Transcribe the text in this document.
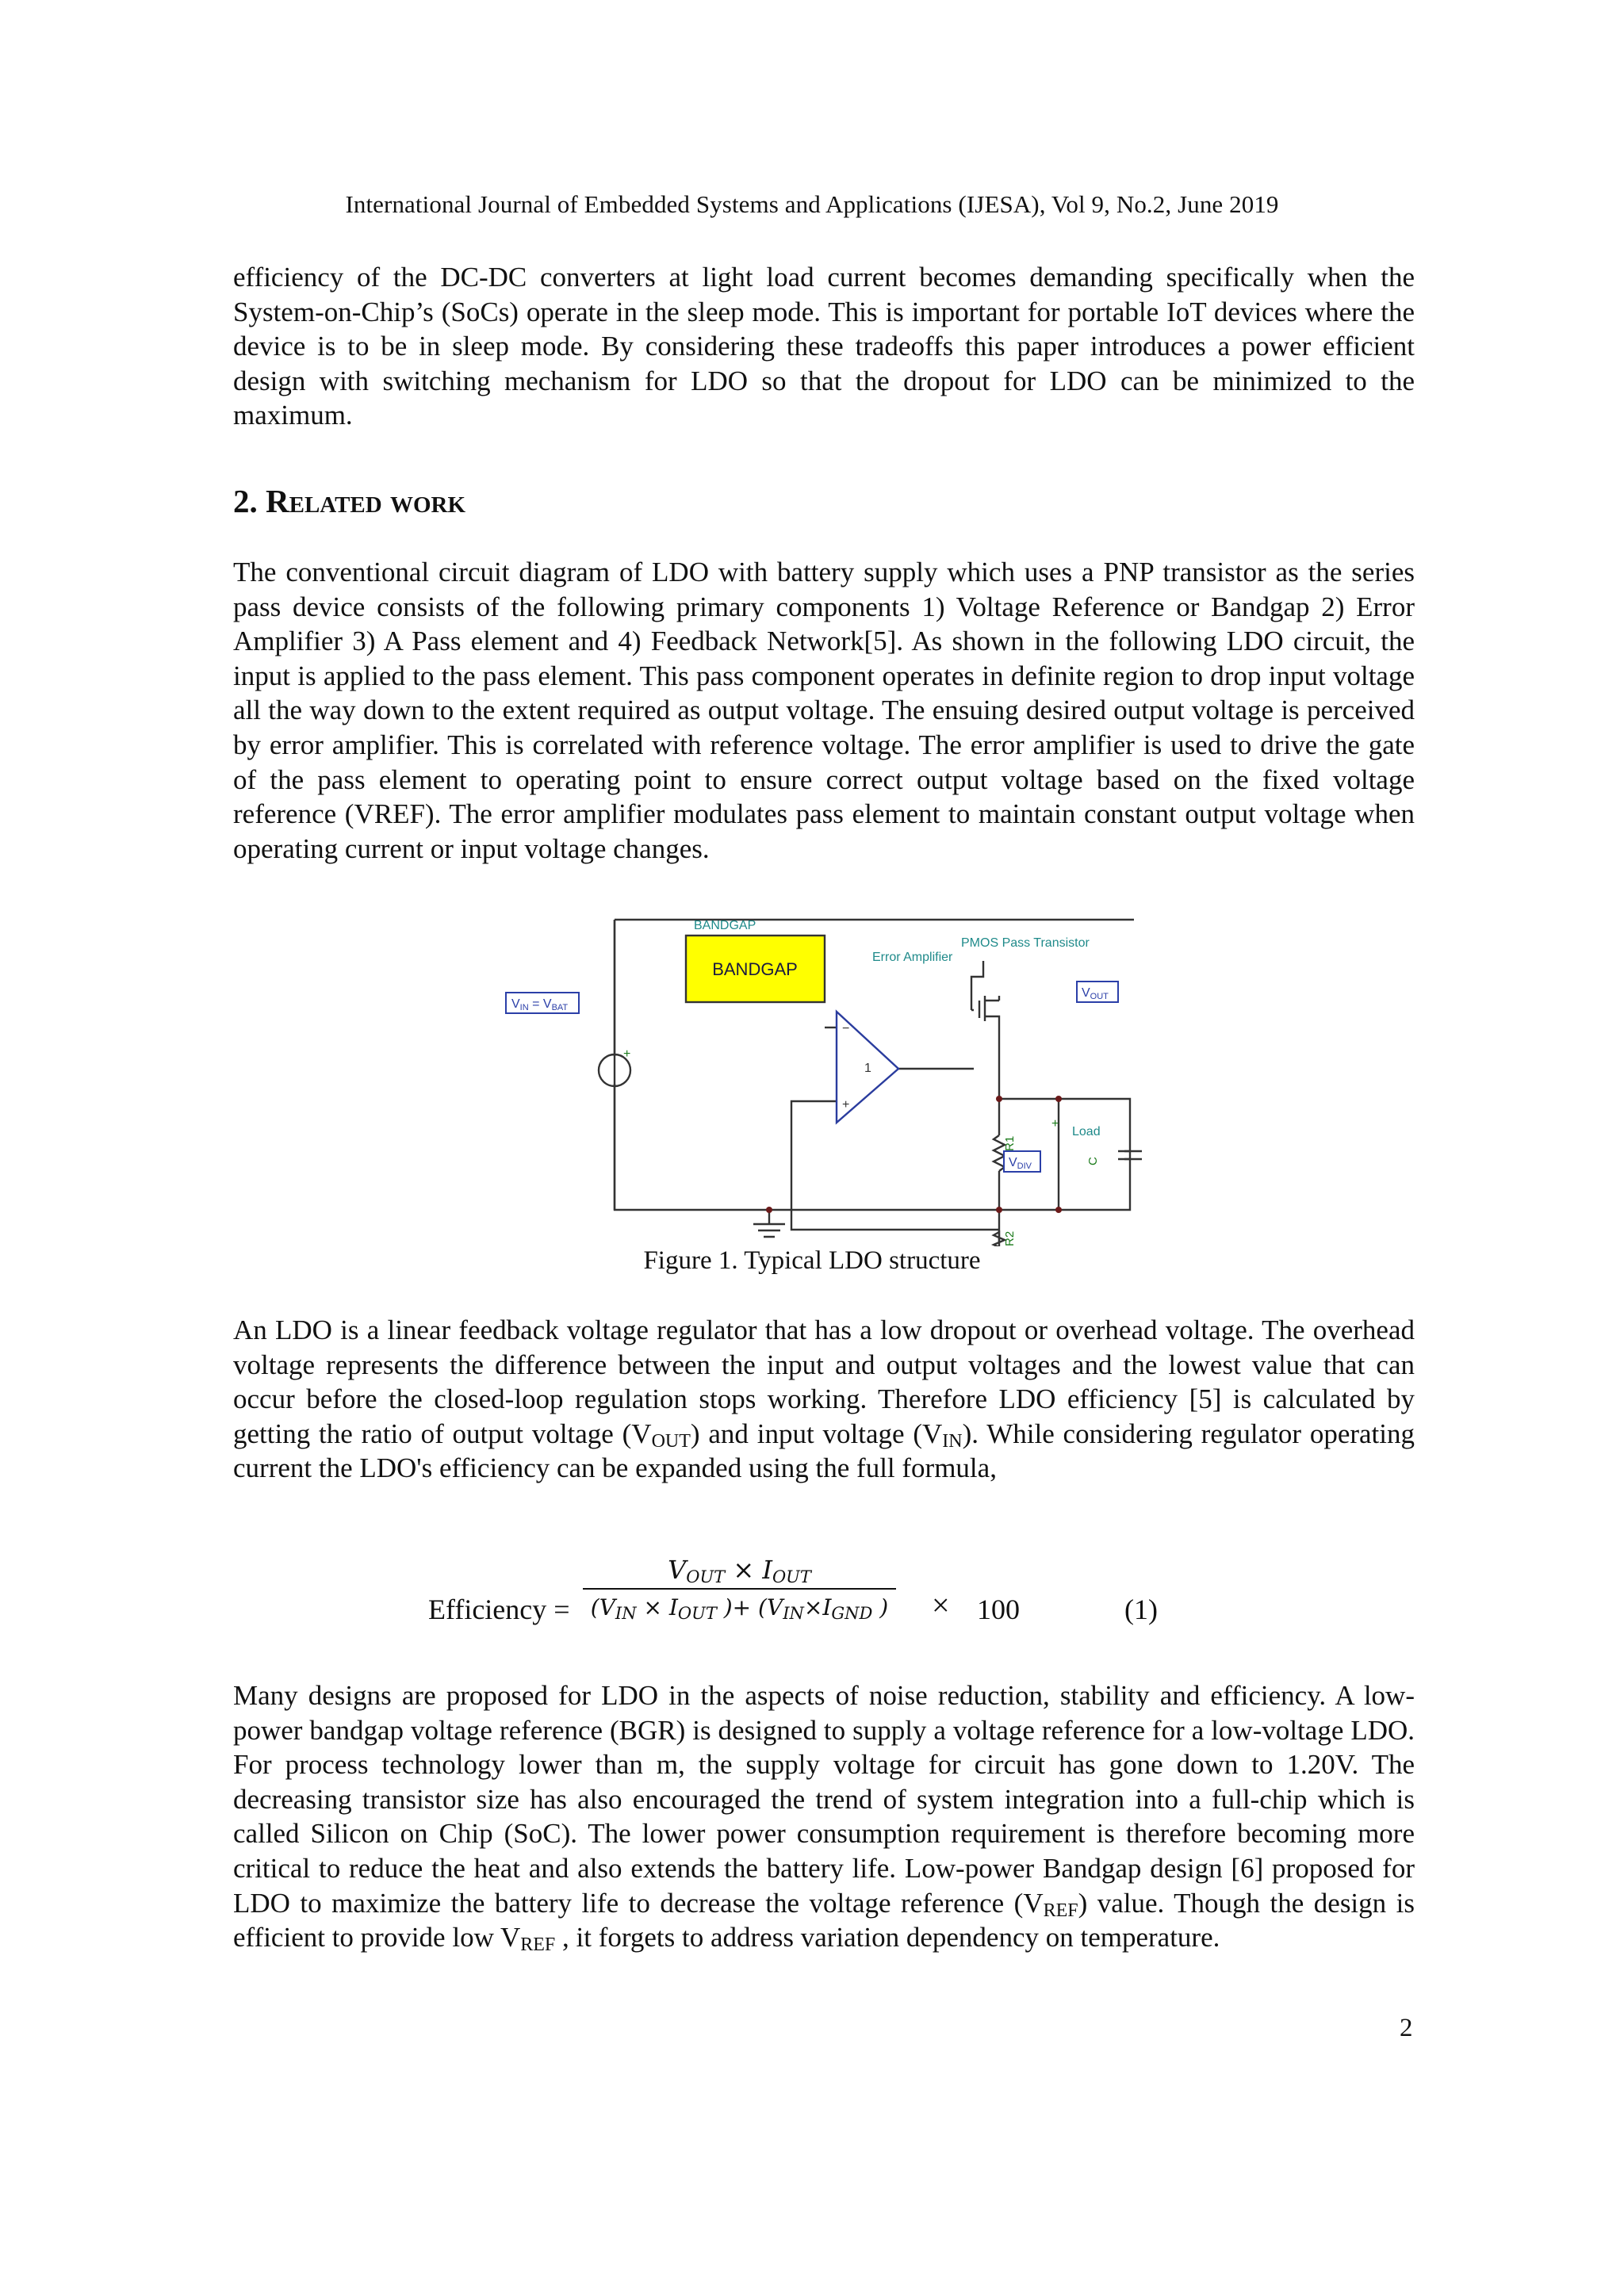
International Journal of Embedded Systems and Applications (IJESA), Vol 9, No.2, June 2019
efficiency of the DC-DC converters at light load current becomes demanding specifically when the System-on-Chip’s (SoCs) operate in the sleep mode. This is important for portable IoT devices where the device is to be in sleep mode. By considering these tradeoffs this paper introduces a power efficient design with switching mechanism for LDO so that the dropout for LDO can be minimized to the maximum.
2. Related work
The conventional circuit diagram of LDO with battery supply which uses a PNP transistor as the series pass device consists of the following primary components 1) Voltage Reference or Bandgap 2) Error Amplifier 3) A Pass element and 4) Feedback Network[5]. As shown in the following LDO circuit, the input is applied to the pass element. This pass component operates in definite region to drop input voltage all the way down to the extent required as output voltage. The ensuing desired output voltage is perceived by error amplifier. This is correlated with reference voltage. The error amplifier is used to drive the gate of the pass element to operating point to ensure correct output voltage based on the fixed voltage reference (VREF). The error amplifier modulates pass element to maintain constant output voltage when operating current or input voltage changes.
+
BANDGAP
BANDGAP
−
+
1
Error Amplifier
PMOS Pass Transistor
VIN = VBAT
VOUT
VDIV
R1
R2
+
Load
C
Figure 1. Typical LDO structure
An LDO is a linear feedback voltage regulator that has a low dropout or overhead voltage. The overhead voltage represents the difference between the input and output voltages and the lowest value that can occur before the closed-loop regulation stops working. Therefore LDO efficiency [5] is calculated by getting the ratio of output voltage $(V_{OUT})$ and input voltage $(V_{IN})$. While considering regulator operating current the LDO's efficiency can be expanded using the full formula,
Efficiency =
$V_{OUT} \times I_{OUT}$
($V_{IN} \times I_{OUT}$ )+ ($V_{IN}\times I_{GND}$ ) × 100	(1)
Many designs are proposed for LDO in the aspects of noise reduction, stability and efficiency. A low-power bandgap voltage reference (BGR) is designed to supply a voltage reference for a low-voltage LDO. For process technology lower than m, the supply voltage for circuit has gone down to 1.20V. The decreasing transistor size has also encouraged the trend of system integration into a full-chip which is called Silicon on Chip (SoC). The lower power consumption requirement is therefore becoming more critical to reduce the heat and also extends the battery life. Low-power Bandgap design [6] proposed for LDO to maximize the battery life to decrease the voltage reference $(V_{REF})$ value. Though the design is efficient to provide low $V_{REF}$ , it forgets to address variation dependency on temperature.
2
